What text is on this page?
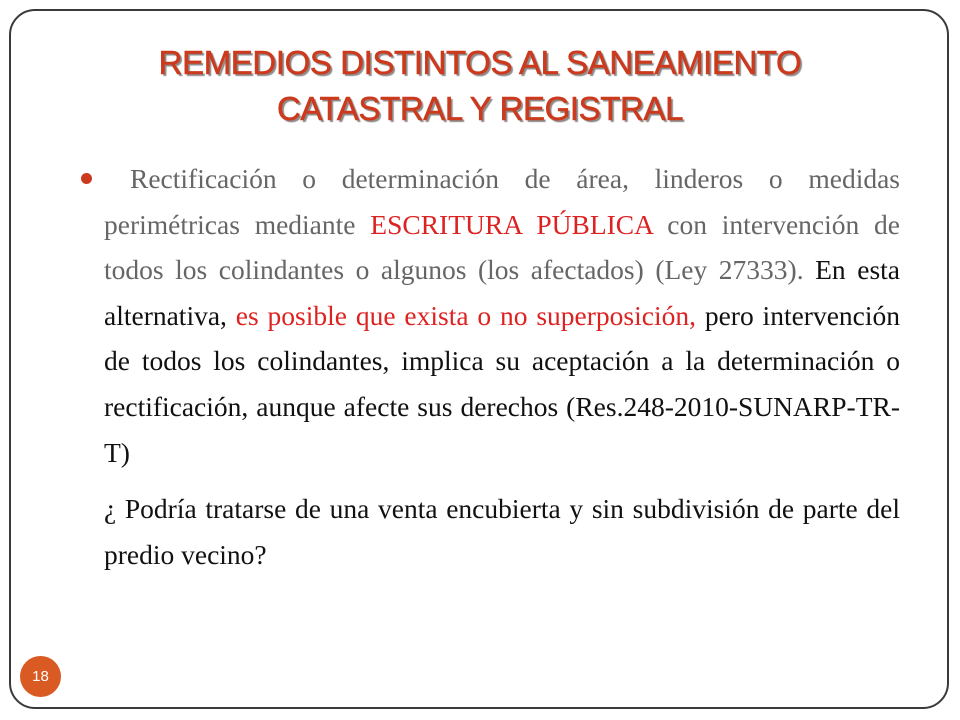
REMEDIOS DISTINTOS AL SANEAMIENTO
CATASTRAL Y REGISTRAL

Rectificación o determinación de área, linderos o medidas perimétricas mediante ESCRITURA PÚBLICA con intervención de todos los colindantes o algunos (los afectados) (Ley 27333). En esta alternativa, es posible que exista o no superposición, pero intervención de todos los colindantes, implica su aceptación a la determinación o rectificación, aunque afecte sus derechos (Res.248-2010-SUNARP-TR-T)

¿ Podría tratarse de una venta encubierta y sin subdivisión de parte del predio vecino?

18
